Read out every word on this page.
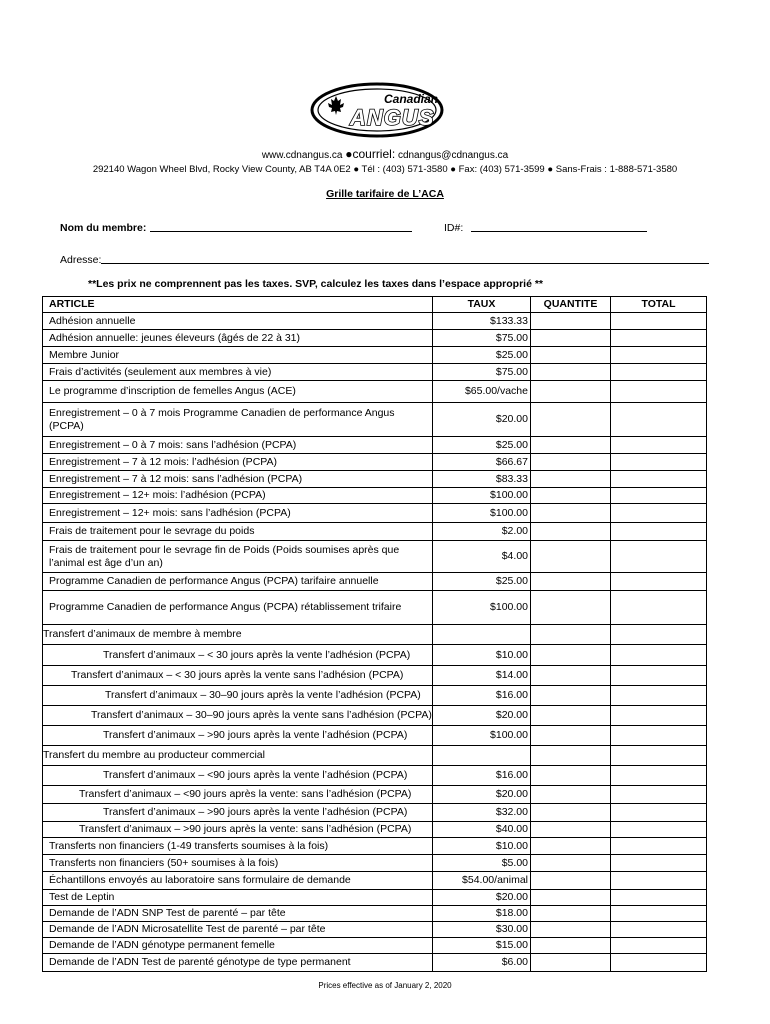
Canadian
ANGUS
www.cdnangus.ca ●courriel: cdnangus@cdnangus.ca
292140 Wagon Wheel Blvd, Rocky View County, AB T4A 0E2 ● Tél : (403) 571-3580 ● Fax: (403) 571-3599 ● Sans-Frais : 1-888-571-3580
Grille tarifaire de L’ACA
Nom du membre:	ID#:
Adresse:
**Les prix ne comprennent pas les taxes. SVP, calculez les taxes dans l’espace approprié **
ARTICLE	TAUX	QUANTITE	TOTAL
Adhésion annuelle	$133.33		
Adhésion annuelle: jeunes éleveurs (âgés de 22 à 31)	$75.00		
Membre Junior	$25.00		
Frais d’activités (seulement aux membres à vie)	$75.00		
Le programme d’inscription de femelles Angus (ACE)	$65.00/vache		
Enregistrement – 0 à 7 mois Programme Canadien de performance Angus (PCPA)	$20.00		
Enregistrement – 0 à 7 mois: sans l’adhésion (PCPA)	$25.00		
Enregistrement – 7 à 12 mois: l’adhésion (PCPA)	$66.67		
Enregistrement – 7 à 12 mois: sans l’adhésion (PCPA)	$83.33		
Enregistrement – 12+ mois: l’adhésion (PCPA)	$100.00		
Enregistrement – 12+ mois: sans l’adhésion (PCPA)	$100.00		
Frais de traitement pour le sevrage du poids	$2.00		
Frais de traitement pour le sevrage fin de Poids (Poids soumises après que l’animal est âge d’un an)	$4.00		
Programme Canadien de performance Angus (PCPA) tarifaire annuelle	$25.00		
Programme Canadien de performance Angus (PCPA) rétablissement trifaire	$100.00		
Transfert d’animaux de membre à membre			
Transfert d’animaux – < 30 jours après la vente l’adhésion (PCPA)	$10.00		
Transfert d’animaux – < 30 jours après la vente sans l’adhésion (PCPA)	$14.00		
Transfert d’animaux – 30–90 jours après la vente l’adhésion (PCPA)	$16.00		
Transfert d’animaux – 30–90 jours après la vente sans l’adhésion (PCPA)	$20.00		
Transfert d’animaux – >90 jours après la vente l’adhésion (PCPA)	$100.00		
Transfert du membre au producteur commercial			
Transfert d’animaux – <90 jours après la vente l’adhésion (PCPA)	$16.00		
Transfert d’animaux – <90 jours après la vente: sans l’adhésion (PCPA)	$20.00		
Transfert d’animaux – >90 jours après la vente l’adhésion (PCPA)	$32.00		
Transfert d’animaux – >90 jours après la vente: sans l’adhésion (PCPA)	$40.00		
Transferts non financiers (1-49 transferts soumises à la fois)	$10.00		
Transferts non financiers (50+ soumises à la fois)	$5.00		
Échantillons envoyés au laboratoire sans formulaire de demande	$54.00/animal		
Test de Leptin	$20.00		
Demande de l’ADN SNP Test de parenté – par tête	$18.00		
Demande de l’ADN Microsatellite Test de parenté – par tête	$30.00		
Demande de l’ADN génotype permanent femelle	$15.00		
Demande de l’ADN Test de parenté génotype de type permanent	$6.00		
Prices effective as of January 2, 2020
